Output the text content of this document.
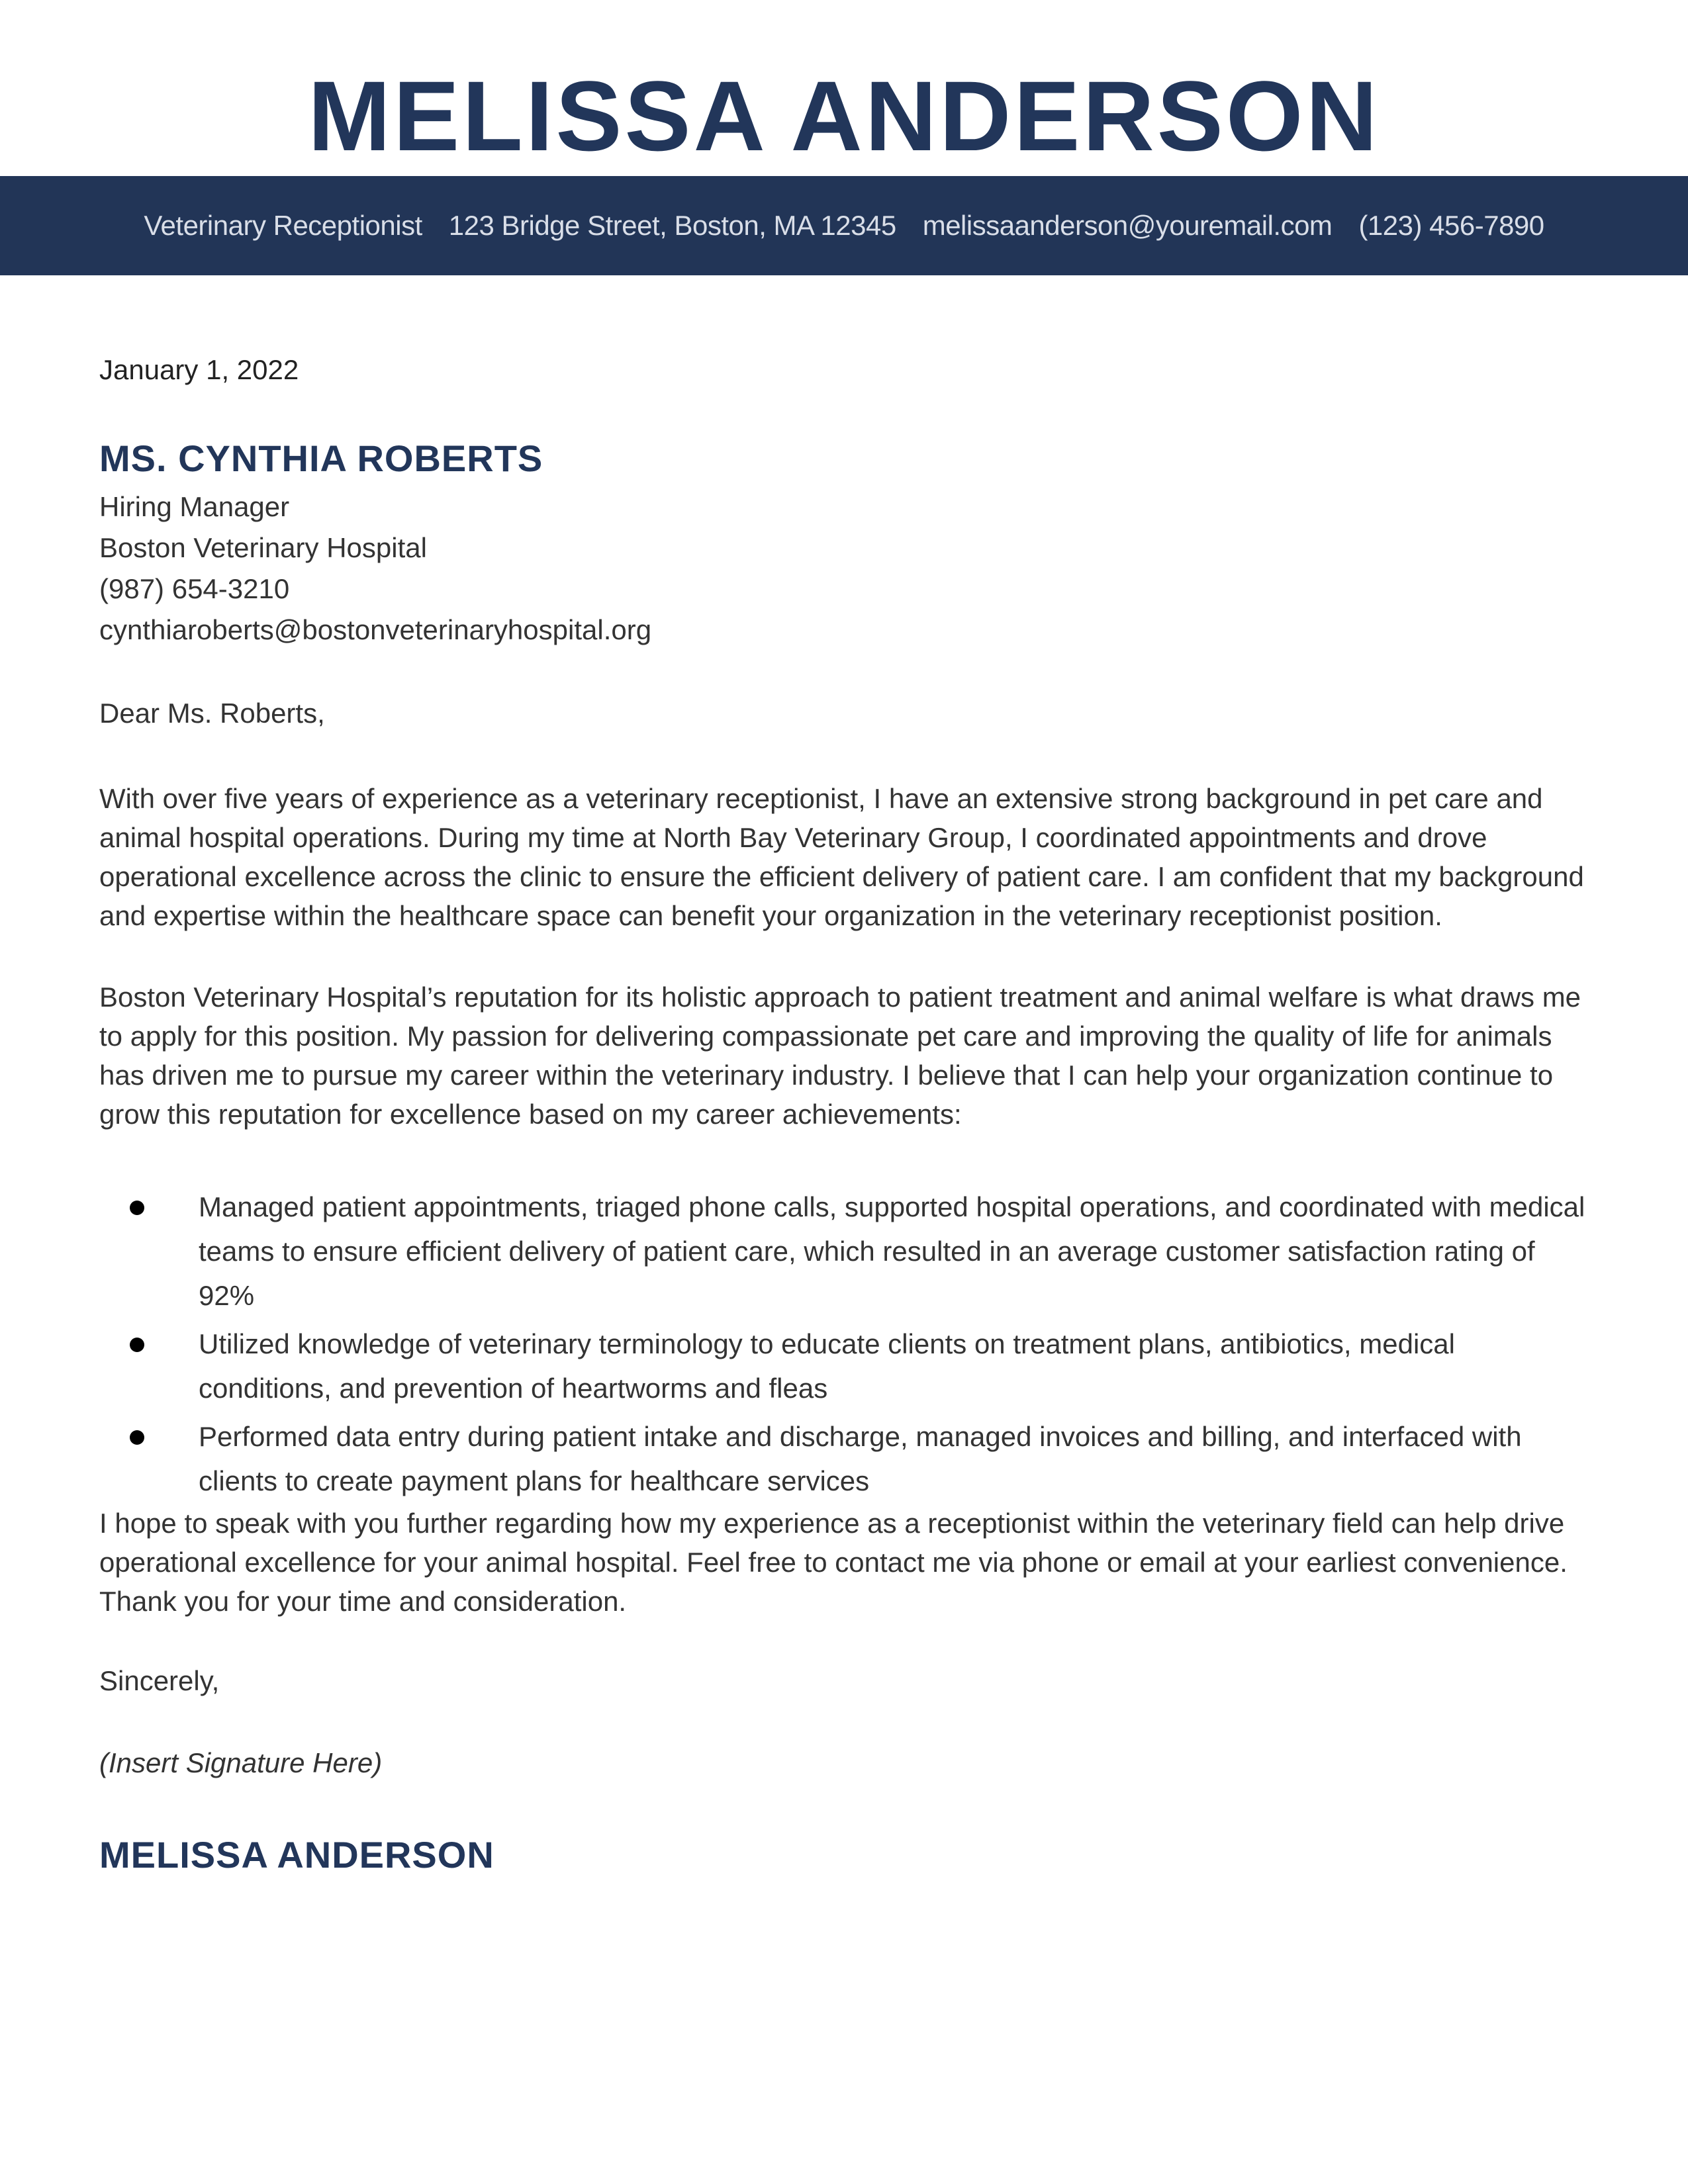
MELISSA ANDERSON
Veterinary Receptionist 123 Bridge Street, Boston, MA 12345 melissaanderson@youremail.com (123) 456-7890
January 1, 2022
MS. CYNTHIA ROBERTS
Hiring Manager
Boston Veterinary Hospital
(987) 654-3210
cynthiaroberts@bostonveterinaryhospital.org
Dear Ms. Roberts,
With over five years of experience as a veterinary receptionist, I have an extensive strong background in pet care and animal hospital operations. During my time at North Bay Veterinary Group, I coordinated appointments and drove operational excellence across the clinic to ensure the efficient delivery of patient care. I am confident that my background and expertise within the healthcare space can benefit your organization in the veterinary receptionist position.
Boston Veterinary Hospital’s reputation for its holistic approach to patient treatment and animal welfare is what draws me to apply for this position. My passion for delivering compassionate pet care and improving the quality of life for animals has driven me to pursue my career within the veterinary industry. I believe that I can help your organization continue to grow this reputation for excellence based on my career achievements:
Managed patient appointments, triaged phone calls, supported hospital operations, and coordinated with medical teams to ensure efficient delivery of patient care, which resulted in an average customer satisfaction rating of 92%
Utilized knowledge of veterinary terminology to educate clients on treatment plans, antibiotics, medical conditions, and prevention of heartworms and fleas
Performed data entry during patient intake and discharge, managed invoices and billing, and interfaced with clients to create payment plans for healthcare services
I hope to speak with you further regarding how my experience as a receptionist within the veterinary field can help drive operational excellence for your animal hospital. Feel free to contact me via phone or email at your earliest convenience. Thank you for your time and consideration.
Sincerely,
(Insert Signature Here)
MELISSA ANDERSON
